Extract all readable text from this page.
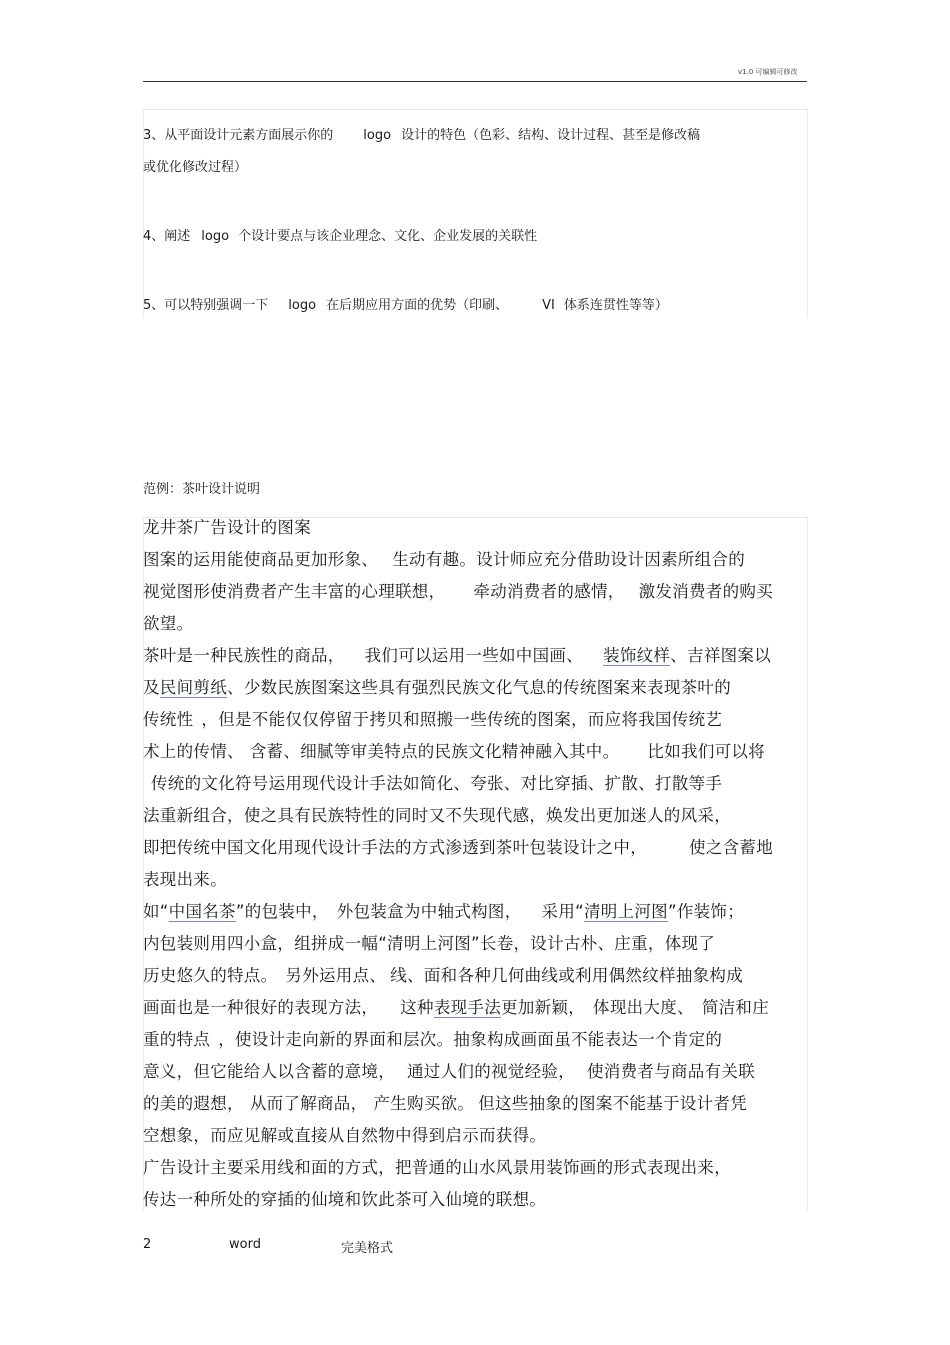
v1.0 可编辑可修改
3、从平面设计元素方面展示你的 logo 设计的特色（色彩、结构、设计过程、甚至是修改稿
或优化修改过程）
4、阐述 logo 个设计要点与该企业理念、文化、企业发展的关联性
5、可以特别强调一下 logo 在后期应用方面的优势（印刷、	VI 体系连贯性等等）
范例：茶叶设计说明
龙井茶广告设计的图案
图案的运用能使商品更加形象、 生动有趣。设计师应充分借助设计因素所组合的
视觉图形使消费者产生丰富的心理联想， 牵动消费者的感情， 激发消费者的购买
欲望。
茶叶是一种民族性的商品， 我们可以运用一些如中国画、 装饰纹样、吉祥图案以
及民间剪纸、少数民族图案这些具有强烈民族文化气息的传统图案来表现茶叶的
传统性 ，但是不能仅仅停留于拷贝和照搬一些传统的图案，而应将我国传统艺
术上的传情、 含蓄、细腻等审美特点的民族文化精神融入其中。 比如我们可以将
传统的文化符号运用现代设计手法如简化、夸张、对比穿插、扩散、打散等手
法重新组合，使之具有民族特性的同时又不失现代感，焕发出更加迷人的风采，
即把传统中国文化用现代设计手法的方式渗透到茶叶包装设计之中，	使之含蓄地
表现出来。
如“中国名茶”的包装中， 外包装盒为中轴式构图， 采用“清明上河图”作装饰；
内包装则用四小盒，组拼成一幅“清明上河图”长卷，设计古朴、庄重，体现了
历史悠久的特点。 另外运用点、 线、面和各种几何曲线或利用偶然纹样抽象构成
画面也是一种很好的表现方法， 这种表现手法更加新颖， 体现出大度、 简洁和庄
重的特点 ，使设计走向新的界面和层次。抽象构成画面虽不能表达一个肯定的
意义，但它能给人以含蓄的意境， 通过人们的视觉经验， 使消费者与商品有关联
的美的遐想， 从而了解商品， 产生购买欲。 但这些抽象的图案不能基于设计者凭
空想象，而应见解或直接从自然物中得到启示而获得。
广告设计主要采用线和面的方式，把普通的山水风景用装饰画的形式表现出来，
传达一种所处的穿插的仙境和饮此茶可入仙境的联想。
2	word	完美格式
